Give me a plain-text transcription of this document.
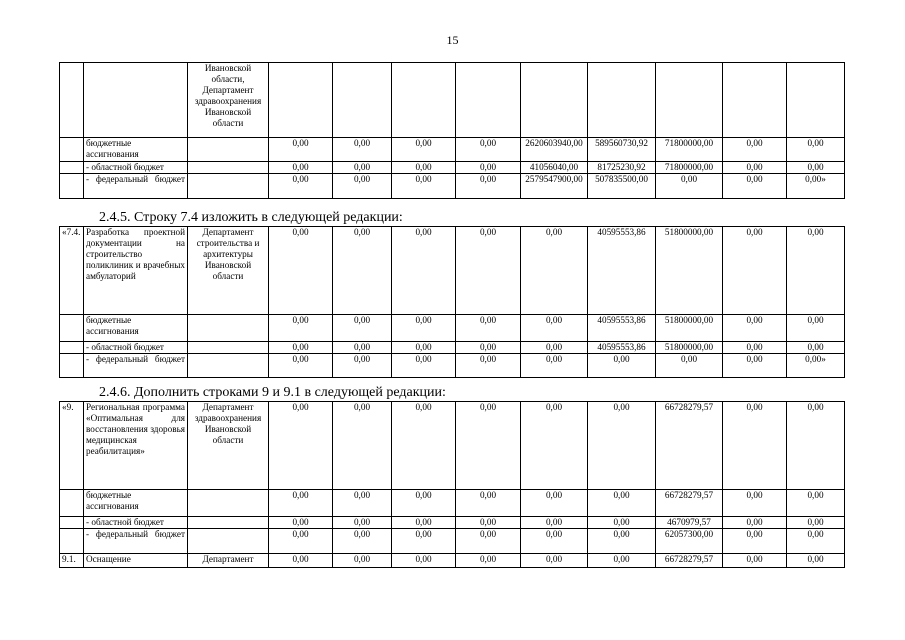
15
		Ивановской области, Департамент здравоохранения Ивановской области									
	бюджетные ассигнования		0,00	0,00	0,00	0,00	2620603940,00	589560730,92	71800000,00	0,00	0,00
	- областной бюджет		0,00	0,00	0,00	0,00	41056040,00	81725230,92	71800000,00	0,00	0,00
	- федеральный бюджет		0,00	0,00	0,00	0,00	2579547900,00	507835500,00	0,00	0,00	0,00»
2.4.5. Строку 7.4 изложить в следующей редакции:
«7.4.	Разработка проектной документации на строительство поликлиник и врачебных амбулаторий	Департамент строительства и архитектуры Ивановской области	0,00	0,00	0,00	0,00	0,00	40595553,86	51800000,00	0,00	0,00
	бюджетные ассигнования		0,00	0,00	0,00	0,00	0,00	40595553,86	51800000,00	0,00	0,00
	- областной бюджет		0,00	0,00	0,00	0,00	0,00	40595553,86	51800000,00	0,00	0,00
	- федеральный бюджет		0,00	0,00	0,00	0,00	0,00	0,00	0,00	0,00	0,00»
2.4.6. Дополнить строками 9 и 9.1 в следующей редакции:
«9.	Региональная программа «Оптимальная для восстановления здоровья медицинская реабилитация»	Департамент здравоохранения Ивановской области	0,00	0,00	0,00	0,00	0,00	0,00	66728279,57	0,00	0,00
	бюджетные ассигнования		0,00	0,00	0,00	0,00	0,00	0,00	66728279,57	0,00	0,00
	- областной бюджет		0,00	0,00	0,00	0,00	0,00	0,00	4670979,57	0,00	0,00
	- федеральный бюджет		0,00	0,00	0,00	0,00	0,00	0,00	62057300,00	0,00	0,00
9.1.	Оснащение	Департамент	0,00	0,00	0,00	0,00	0,00	0,00	66728279,57	0,00	0,00
